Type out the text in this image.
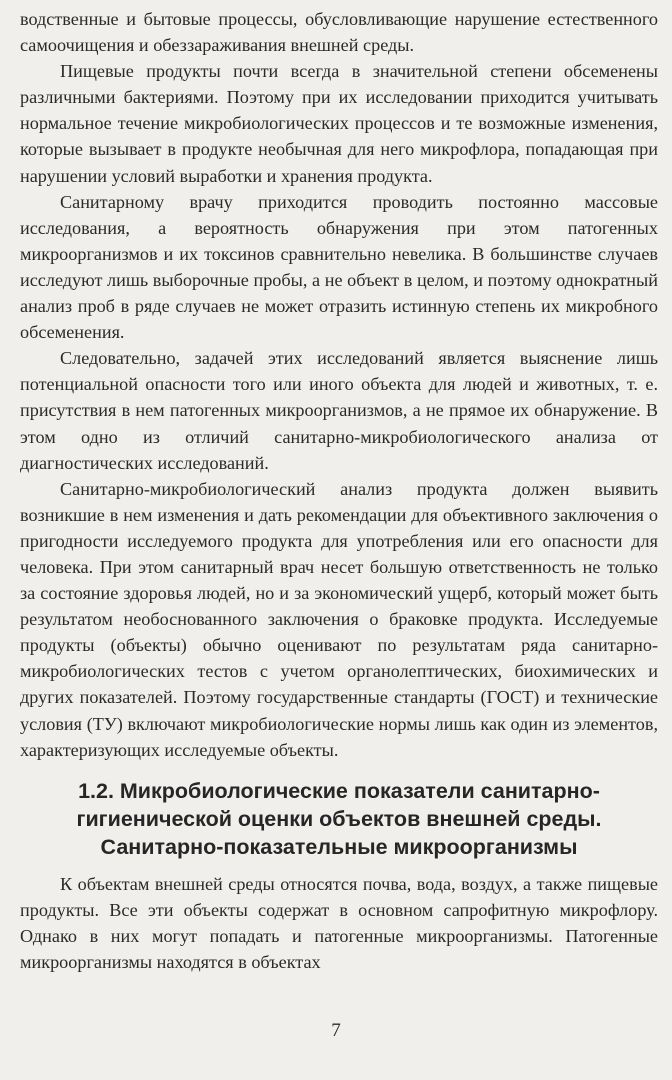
водственные и бытовые процессы, обусловливающие нарушение естественного самоочищения и обеззараживания внешней среды.

Пищевые продукты почти всегда в значительной степени обсеменены различными бактериями. Поэтому при их исследовании приходится учитывать нормальное течение микробиологических процессов и те возможные изменения, которые вызывает в продукте необычная для него микрофлора, попадающая при нарушении условий выработки и хранения продукта.

Санитарному врачу приходится проводить постоянно массовые исследования, а вероятность обнаружения при этом патогенных микроорганизмов и их токсинов сравнительно невелика. В большинстве случаев исследуют лишь выборочные пробы, а не объект в целом, и поэтому однократный анализ проб в ряде случаев не может отразить истинную степень их микробного обсеменения.

Следовательно, задачей этих исследований является выяснение лишь потенциальной опасности того или иного объекта для людей и животных, т. е. присутствия в нем патогенных микроорганизмов, а не прямое их обнаружение. В этом одно из отличий санитарно-микробиологического анализа от диагностических исследований.

Санитарно-микробиологический анализ продукта должен выявить возникшие в нем изменения и дать рекомендации для объективного заключения о пригодности исследуемого продукта для употребления или его опасности для человека. При этом санитарный врач несет большую ответственность не только за состояние здоровья людей, но и за экономический ущерб, который может быть результатом необоснованного заключения о браковке продукта. Исследуемые продукты (объекты) обычно оценивают по результатам ряда санитарно-микробиологических тестов с учетом органолептических, биохимических и других показателей. Поэтому государственные стандарты (ГОСТ) и технические условия (ТУ) включают микробиологические нормы лишь как один из элементов, характеризующих исследуемые объекты.

1.2. Микробиологические показатели санитарно-
гигиенической оценки объектов внешней среды.
Санитарно-показательные микроорганизмы

К объектам внешней среды относятся почва, вода, воздух, а также пищевые продукты. Все эти объекты содержат в основном сапрофитную микрофлору. Однако в них могут попадать и патогенные микроорганизмы. Патогенные микроорганизмы находятся в объектах

7
